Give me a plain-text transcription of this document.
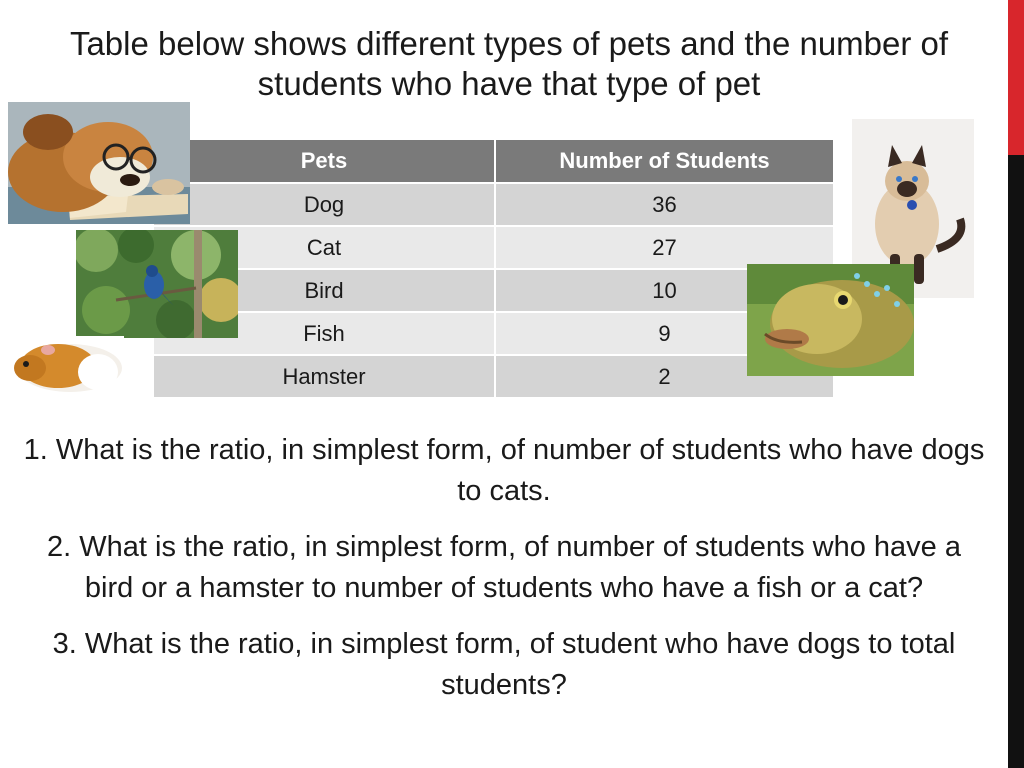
Table below shows different types of pets and the number of students who have that type of pet
Pets	Number of Students
Dog	36
Cat	27
Bird	10
Fish	9
Hamster	2

1. What is the ratio, in simplest form, of number of students who have dogs to cats.

2. What is the ratio, in simplest form, of number of students who have a bird or a hamster to number of students who have a fish or a cat?

3. What is the ratio, in simplest form, of student who have dogs to total students?
